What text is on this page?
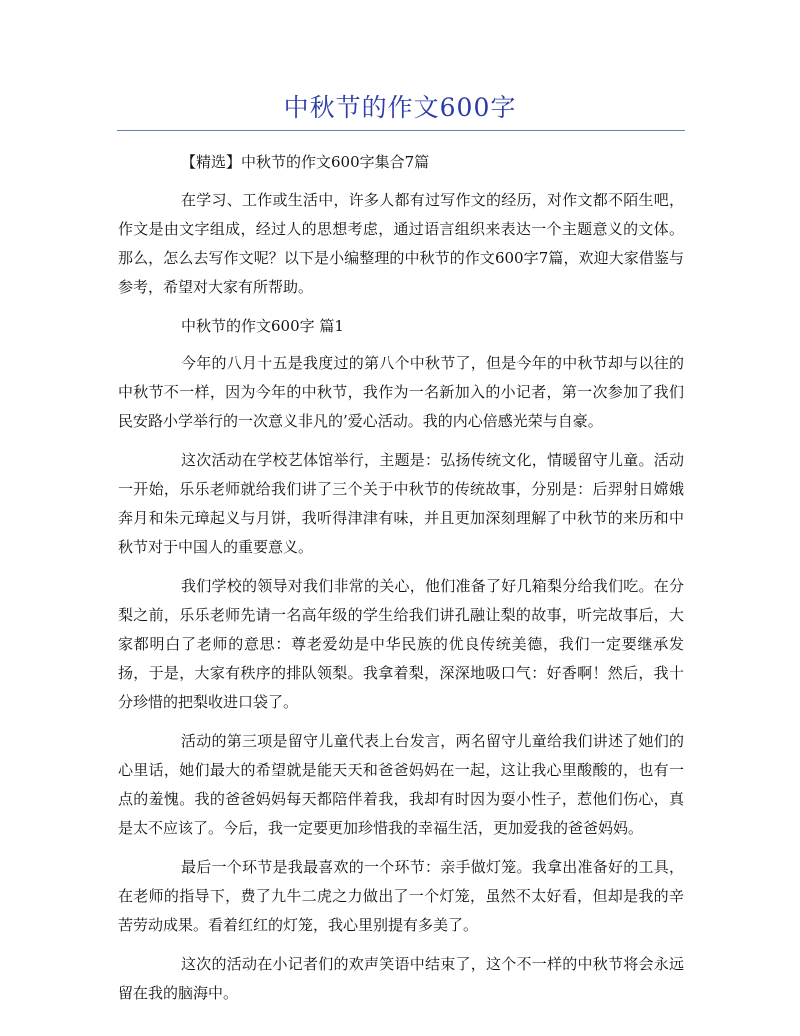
中秋节的作文600字

【精选】中秋节的作文600字集合7篇

在学习、工作或生活中，许多人都有过写作文的经历，对作文都不陌生吧，作文是由文字组成，经过人的思想考虑，通过语言组织来表达一个主题意义的文体。那么，怎么去写作文呢？以下是小编整理的中秋节的作文600字7篇，欢迎大家借鉴与参考，希望对大家有所帮助。

中秋节的作文600字 篇1

今年的八月十五是我度过的第八个中秋节了，但是今年的中秋节却与以往的中秋节不一样，因为今年的中秋节，我作为一名新加入的小记者，第一次参加了我们民安路小学举行的一次意义非凡的’爱心活动。我的内心倍感光荣与自豪。

这次活动在学校艺体馆举行，主题是：弘扬传统文化，情暖留守儿童。活动一开始，乐乐老师就给我们讲了三个关于中秋节的传统故事，分别是：后羿射日嫦娥奔月和朱元璋起义与月饼，我听得津津有味，并且更加深刻理解了中秋节的来历和中秋节对于中国人的重要意义。

我们学校的领导对我们非常的关心，他们准备了好几箱梨分给我们吃。在分梨之前，乐乐老师先请一名高年级的学生给我们讲孔融让梨的故事，听完故事后，大家都明白了老师的意思：尊老爱幼是中华民族的优良传统美德，我们一定要继承发扬，于是，大家有秩序的排队领梨。我拿着梨，深深地吸口气：好香啊！然后，我十分珍惜的把梨收进口袋了。

活动的第三项是留守儿童代表上台发言，两名留守儿童给我们讲述了她们的心里话，她们最大的希望就是能天天和爸爸妈妈在一起，这让我心里酸酸的，也有一点的羞愧。我的爸爸妈妈每天都陪伴着我，我却有时因为耍小性子，惹他们伤心，真是太不应该了。今后，我一定要更加珍惜我的幸福生活，更加爱我的爸爸妈妈。

最后一个环节是我最喜欢的一个环节：亲手做灯笼。我拿出准备好的工具，在老师的指导下，费了九牛二虎之力做出了一个灯笼，虽然不太好看，但却是我的辛苦劳动成果。看着红红的灯笼，我心里别提有多美了。

这次的活动在小记者们的欢声笑语中结束了，这个不一样的中秋节将会永远留在我的脑海中。
